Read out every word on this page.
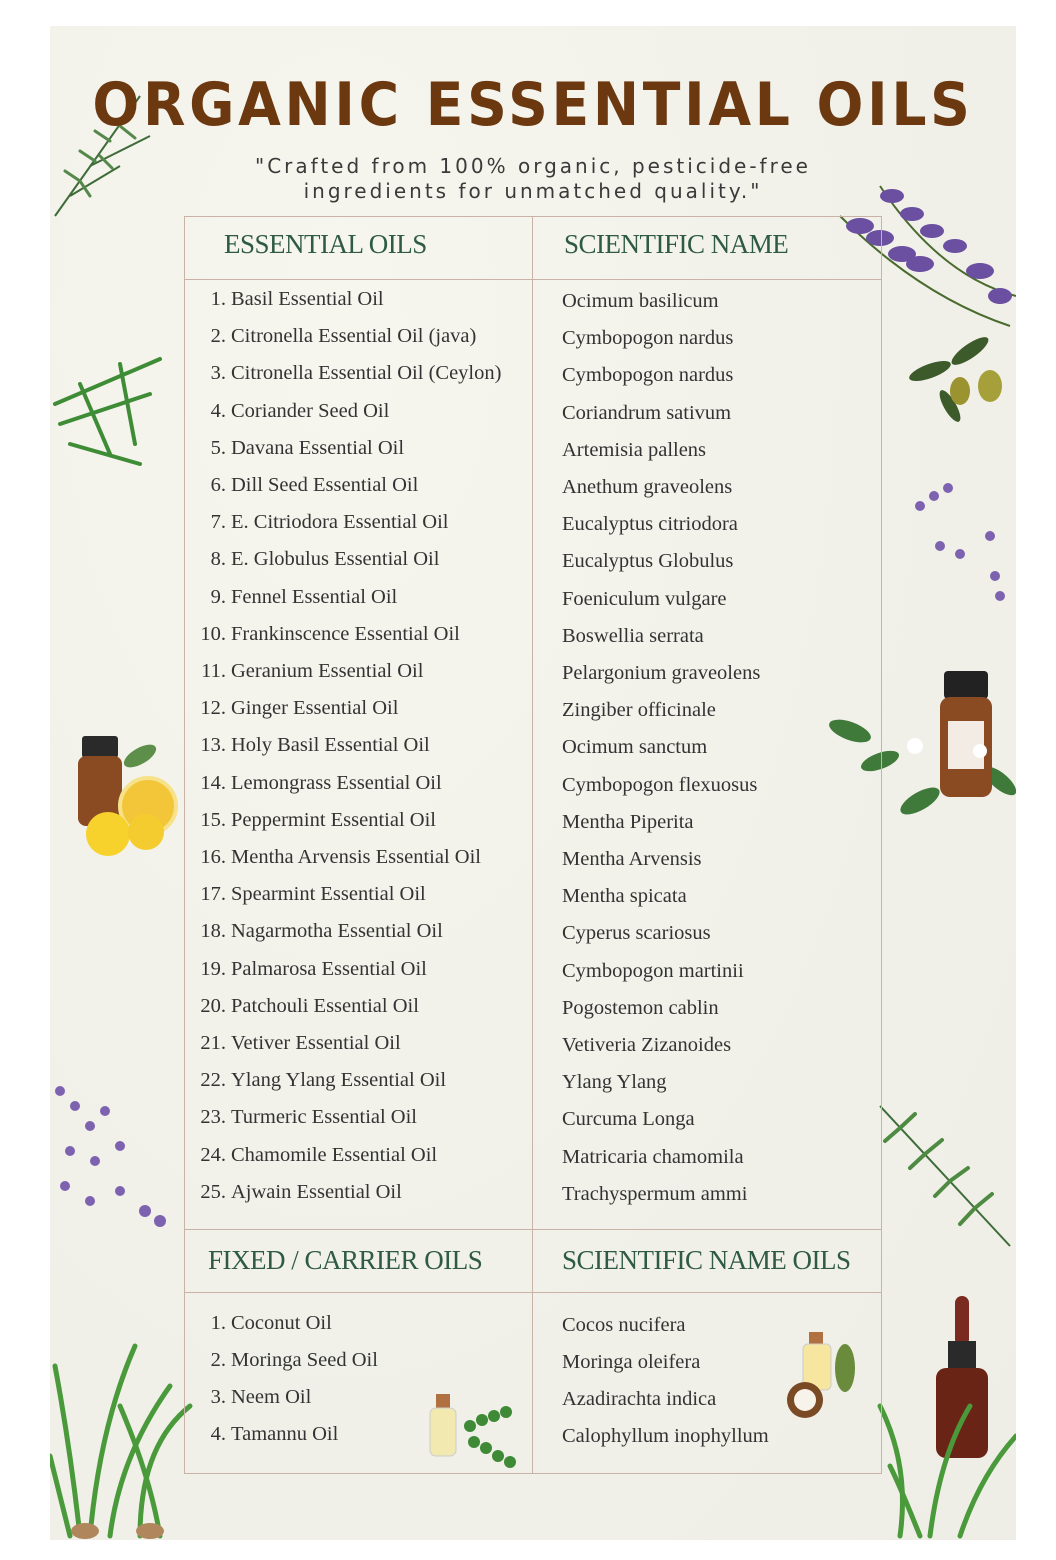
ORGANIC ESSENTIAL OILS
"Crafted from 100% organic, pesticide-free
ingredients for unmatched quality."
ESSENTIAL OILS	SCIENTIFIC NAME
FIXED / CARRIER OILS	SCIENTIFIC NAME OILS
1. Basil Essential Oil	Ocimum basilicum
2. Citronella Essential Oil (java)	Cymbopogon nardus
3. Citronella Essential Oil (Ceylon)	Cymbopogon nardus
4. Coriander Seed Oil	Coriandrum sativum
5. Davana Essential Oil	Artemisia pallens
6. Dill Seed Essential Oil	Anethum graveolens
7. E. Citriodora Essential Oil	Eucalyptus citriodora
8. E. Globulus Essential Oil	Eucalyptus Globulus
9. Fennel Essential Oil	Foeniculum vulgare
10. Frankinscence Essential Oil	Boswellia serrata
11. Geranium Essential Oil	Pelargonium graveolens
12. Ginger Essential Oil	Zingiber officinale
13. Holy Basil Essential Oil	Ocimum sanctum
14. Lemongrass Essential Oil	Cymbopogon flexuosus
15. Peppermint Essential Oil	Mentha Piperita
16. Mentha Arvensis Essential Oil	Mentha Arvensis
17. Spearmint Essential Oil	Mentha spicata
18. Nagarmotha Essential Oil	Cyperus scariosus
19. Palmarosa Essential Oil	Cymbopogon martinii
20. Patchouli Essential Oil	Pogostemon cablin
21. Vetiver Essential Oil	Vetiveria Zizanoides
22. Ylang Ylang Essential Oil	Ylang Ylang
23. Turmeric Essential Oil	Curcuma Longa
24. Chamomile Essential Oil	Matricaria chamomila
25. Ajwain Essential Oil	Trachyspermum ammi
1. Coconut Oil	Cocos nucifera
2. Moringa Seed Oil	Moringa oleifera
3. Neem Oil	Azadirachta indica
4. Tamannu Oil	Calophyllum inophyllum
